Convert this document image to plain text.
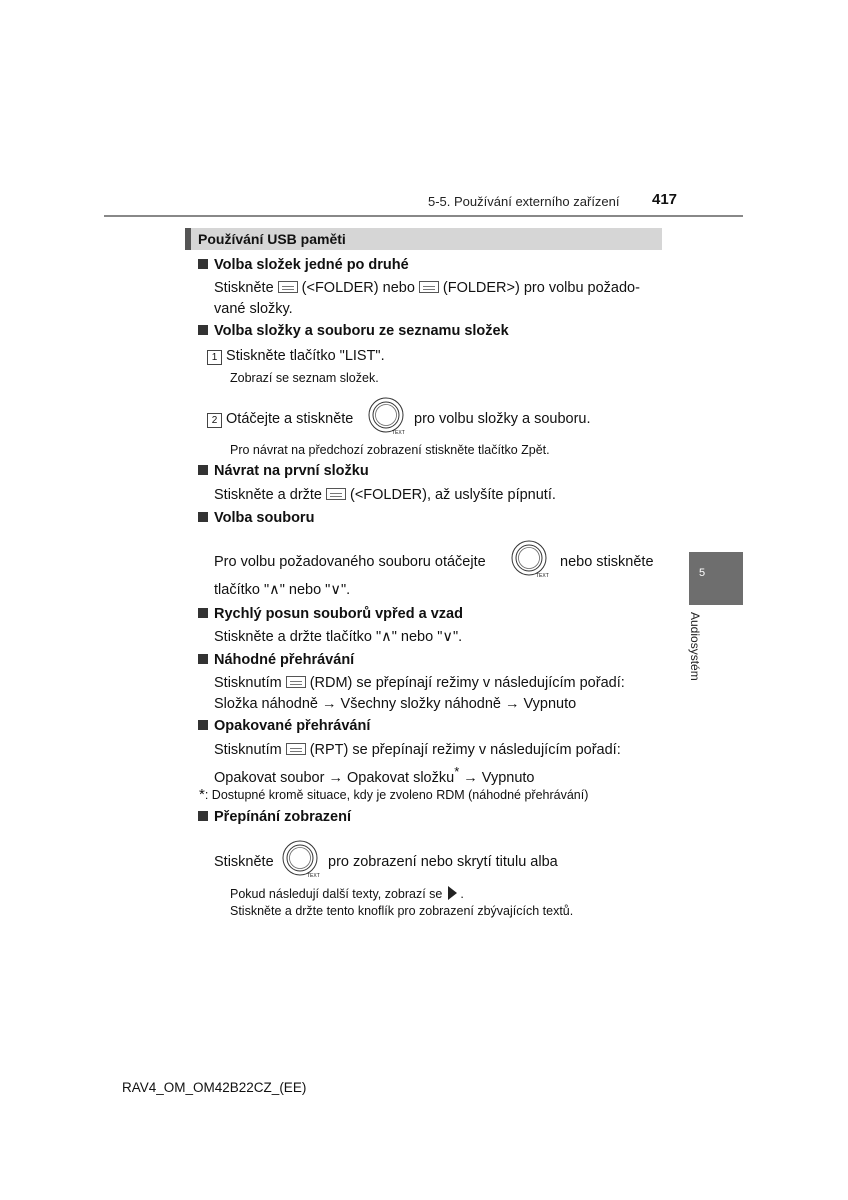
5-5. Používání externího zařízení 417
Používání USB paměti
Volba složek jedné po druhé
Stiskněte (<FOLDER) nebo (FOLDER>) pro volbu požado-
vané složky.
Volba složky a souboru ze seznamu složek
1 Stiskněte tlačítko "LIST".
Zobrazí se seznam složek.
2 Otáčejte a stiskněte
TEXT
pro volbu složky a souboru.
Pro návrat na předchozí zobrazení stiskněte tlačítko Zpět.
Návrat na první složku
Stiskněte a držte (<FOLDER), až uslyšíte pípnutí.
Volba souboru
Pro volbu požadovaného souboru otáčejte
TEXT
nebo stiskněte
tlačítko "∧" nebo "∨".
Rychlý posun souborů vpřed a vzad
Stiskněte a držte tlačítko "∧" nebo "∨".
Náhodné přehrávání
Stisknutím (RDM) se přepínají režimy v následujícím pořadí:
Složka náhodně → Všechny složky náhodně → Vypnuto
Opakované přehrávání
Stisknutím (RPT) se přepínají režimy v následujícím pořadí:
Opakovat soubor → Opakovat složku* → Vypnuto
*: Dostupné kromě situace, kdy je zvoleno RDM (náhodné přehrávání)
Přepínání zobrazení
Stiskněte
TEXT
pro zobrazení nebo skrytí titulu alba
Pokud následují další texty, zobrazí se .
Stiskněte a držte tento knoflík pro zobrazení zbývajících textů.
5
Audiosystém
RAV4_OM_OM42B22CZ_(EE)
